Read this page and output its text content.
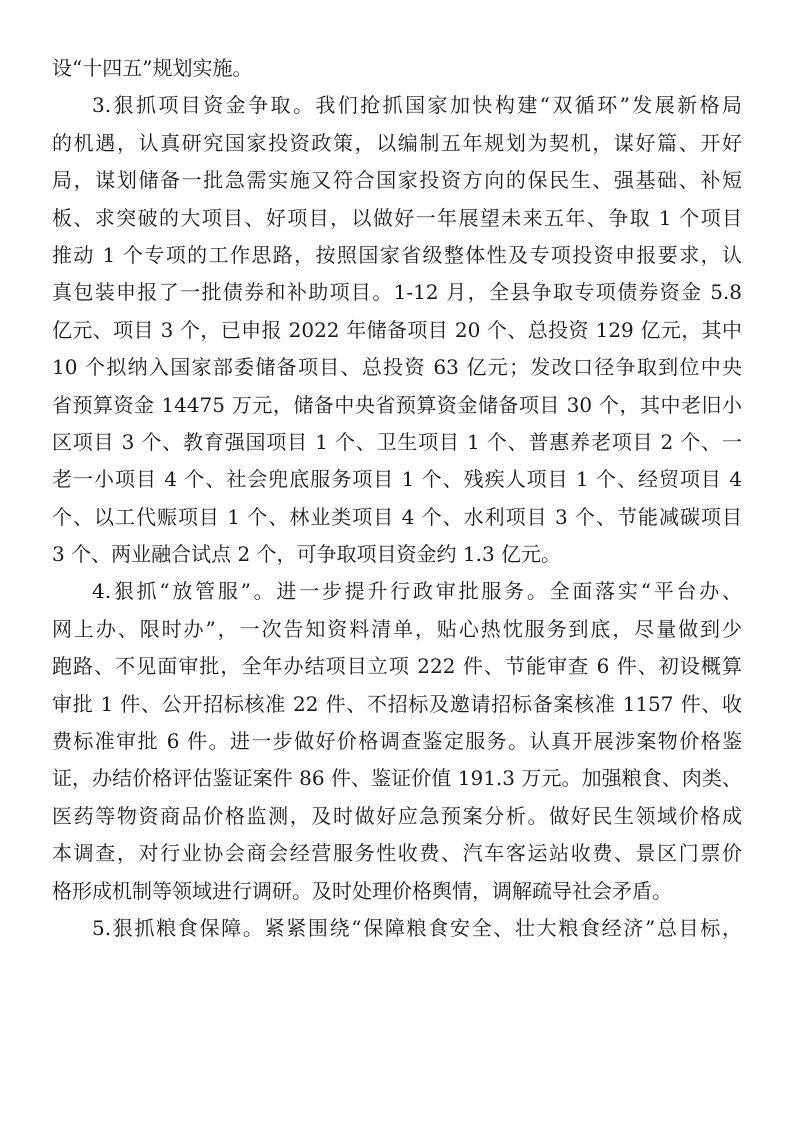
设“十四五”规划实施。
3.狠抓项目资金争取。我们抢抓国家加快构建“双循环”发展新格局
的机遇，认真研究国家投资政策，以编制五年规划为契机，谋好篇、开好
局，谋划储备一批急需实施又符合国家投资方向的保民生、强基础、补短
板、求突破的大项目、好项目，以做好一年展望未来五年、争取 1 个项目
推动 1 个专项的工作思路，按照国家省级整体性及专项投资申报要求，认
真包装申报了一批债券和补助项目。1-12 月，全县争取专项债券资金 5.8
亿元、项目 3 个，已申报 2022 年储备项目 20 个、总投资 129 亿元，其中
10 个拟纳入国家部委储备项目、总投资 63 亿元；发改口径争取到位中央
省预算资金 14475 万元，储备中央省预算资金储备项目 30 个，其中老旧小
区项目 3 个、教育强国项目 1 个、卫生项目 1 个、普惠养老项目 2 个、一
老一小项目 4 个、社会兜底服务项目 1 个、残疾人项目 1 个、经贸项目 4
个、以工代赈项目 1 个、林业类项目 4 个、水利项目 3 个、节能减碳项目
3 个、两业融合试点 2 个，可争取项目资金约 1.3 亿元。
4.狠抓“放管服”。进一步提升行政审批服务。全面落实“平台办、
网上办、限时办”，一次告知资料清单，贴心热忱服务到底，尽量做到少
跑路、不见面审批，全年办结项目立项 222 件、节能审查 6 件、初设概算
审批 1 件、公开招标核准 22 件、不招标及邀请招标备案核准 1157 件、收
费标准审批 6 件。进一步做好价格调查鉴定服务。认真开展涉案物价格鉴
证，办结价格评估鉴证案件 86 件、鉴证价值 191.3 万元。加强粮食、肉类、
医药等物资商品价格监测，及时做好应急预案分析。做好民生领域价格成
本调查，对行业协会商会经营服务性收费、汽车客运站收费、景区门票价
格形成机制等领域进行调研。及时处理价格舆情，调解疏导社会矛盾。
5.狠抓粮食保障。紧紧围绕“保障粮食安全、壮大粮食经济”总目标，
